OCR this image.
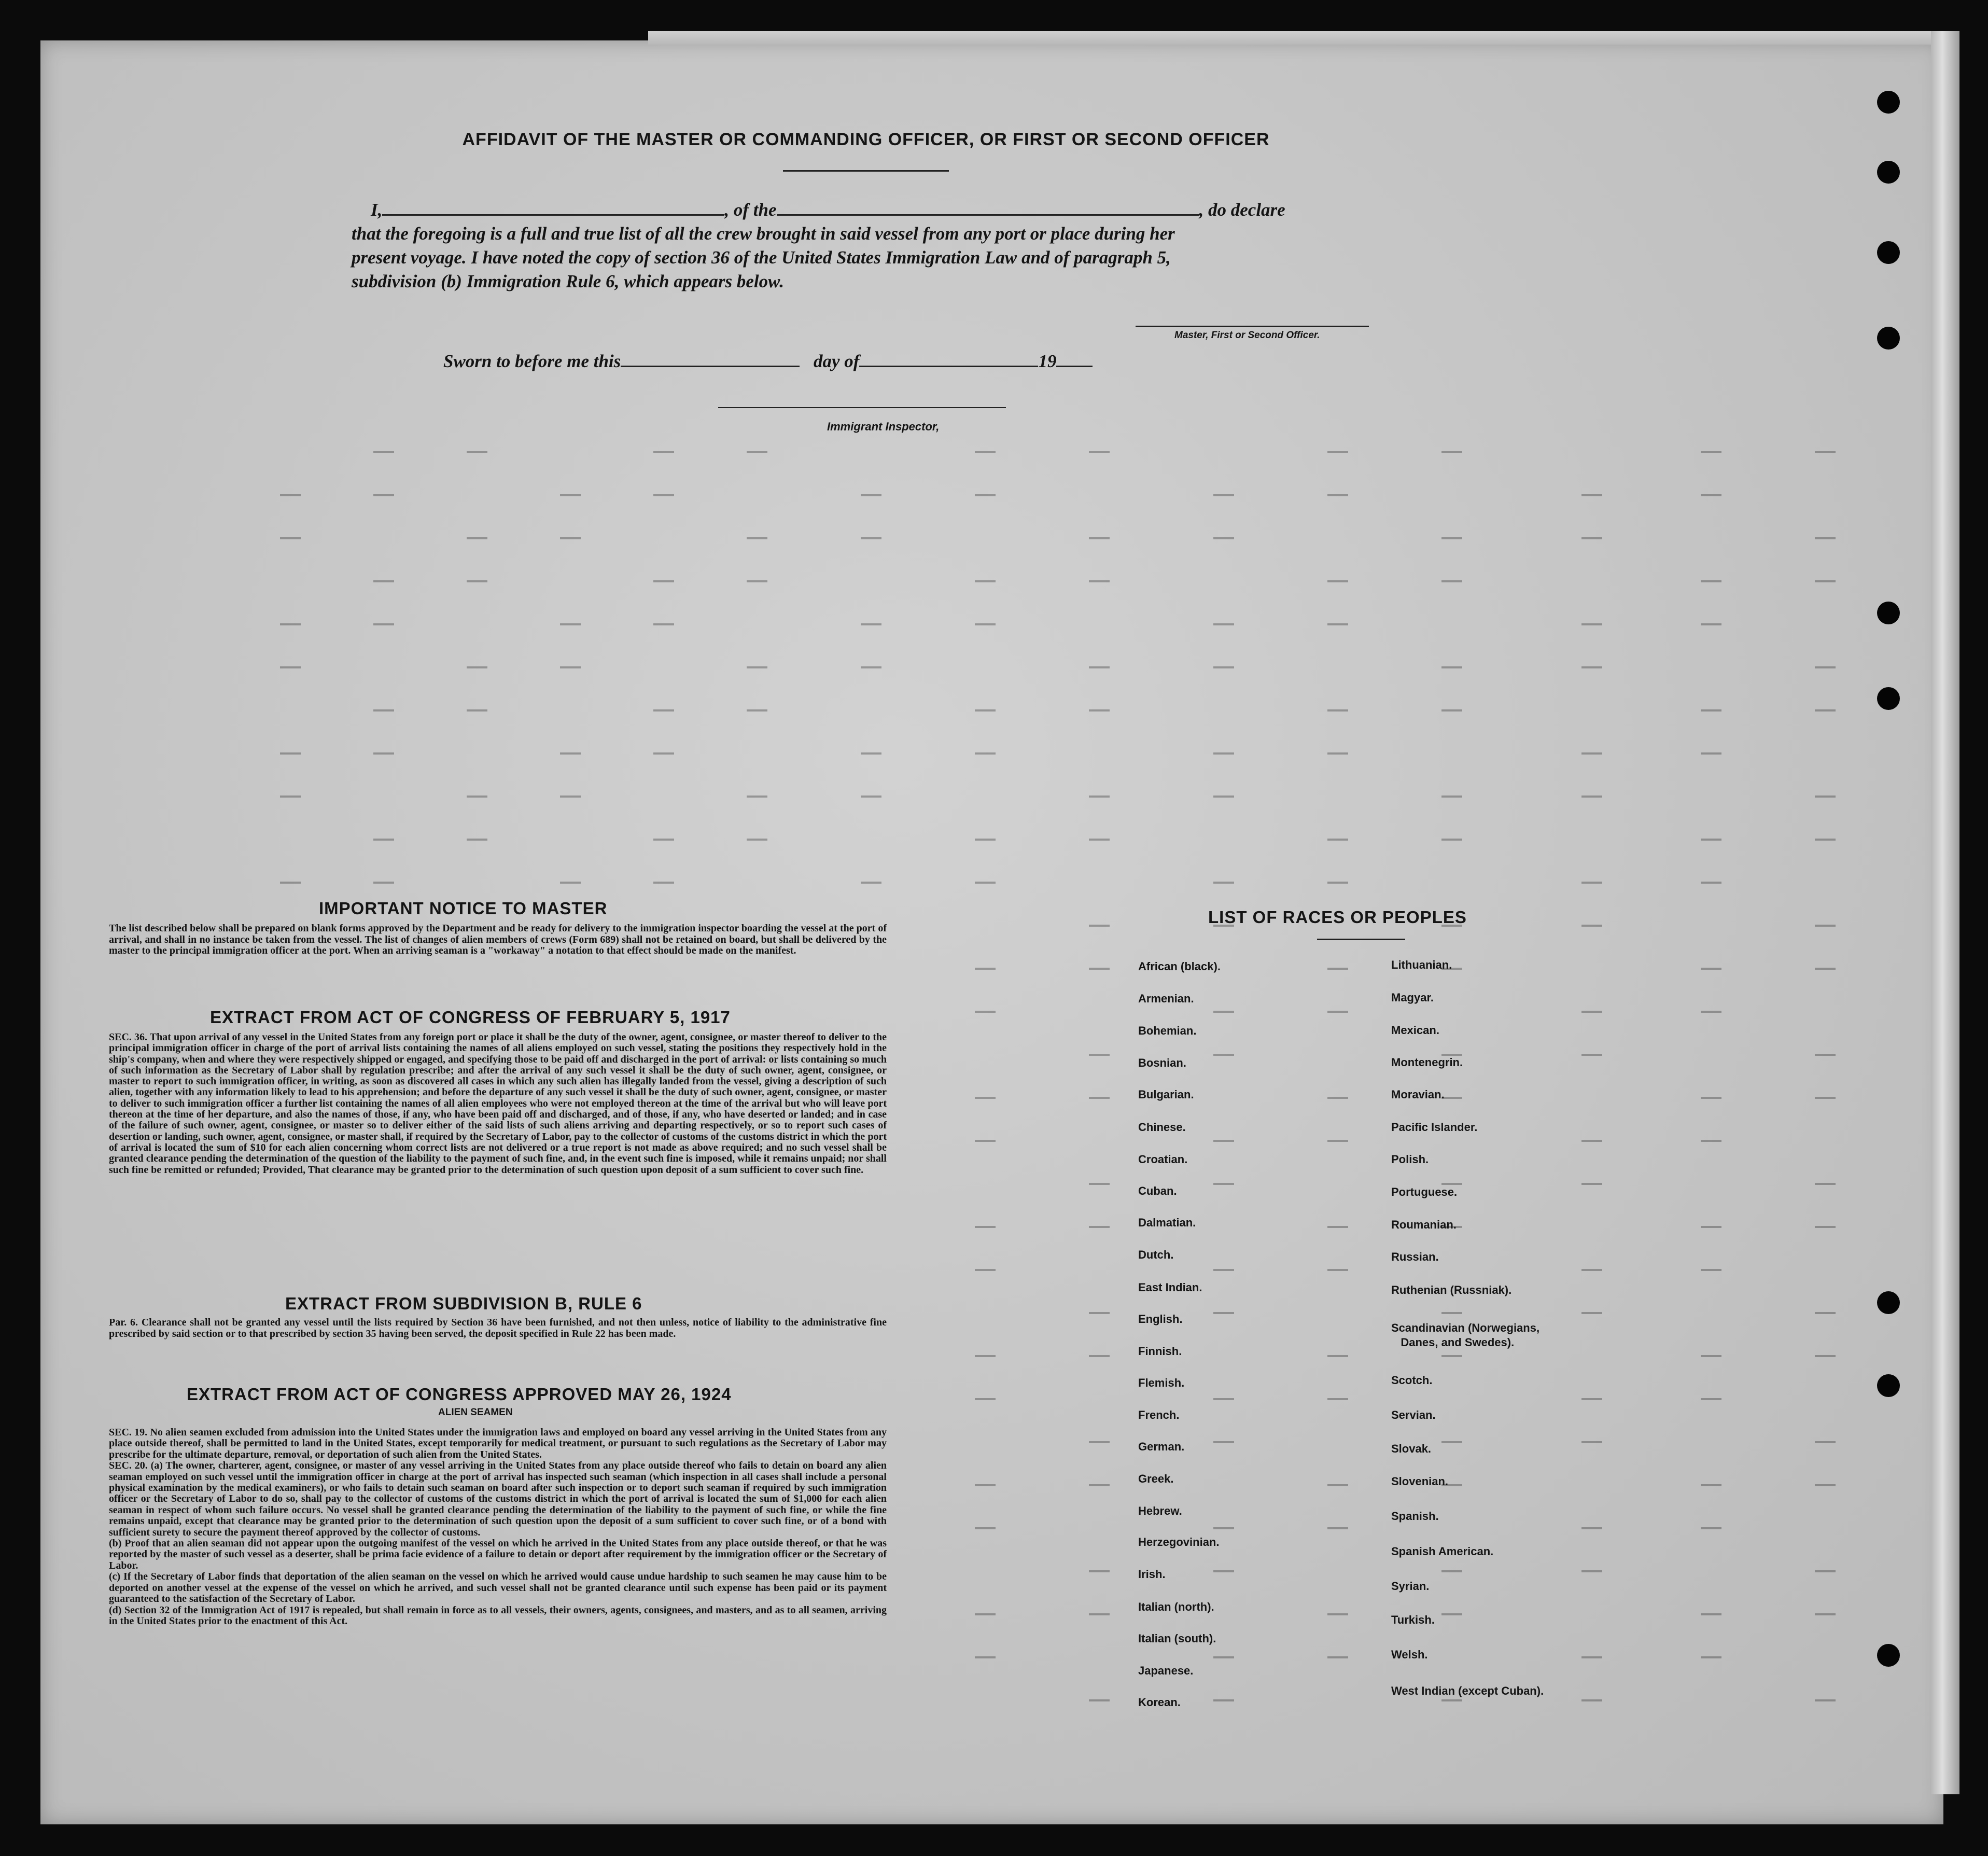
AFFIDAVIT OF THE MASTER OR COMMANDING OFFICER, OR FIRST OR SECOND OFFICER
I,	, of the	, do declare
that the foregoing is a full and true list of all the crew brought in said vessel from any port or place during her
present voyage. I have noted the copy of section 36 of the United States Immigration Law and of paragraph 5,
subdivision (b) Immigration Rule 6, which appears below.
Master, First or Second Officer.
Sworn to before me this	day of	19
Immigrant Inspector,
IMPORTANT NOTICE TO MASTER
The list described below shall be prepared on blank forms approved by the Department and be ready for delivery to the immigration inspector boarding the vessel at the port of arrival, and shall in no instance be taken from the vessel. The list of changes of alien members of crews (Form 689) shall not be retained on board, but shall be delivered by the master to the principal immigration officer at the port. When an arriving seaman is a "workaway" a notation to that effect should be made on the manifest.
EXTRACT FROM ACT OF CONGRESS OF FEBRUARY 5, 1917
SEC. 36. That upon arrival of any vessel in the United States from any foreign port or place it shall be the duty of the owner, agent, consignee, or master thereof to deliver to the principal immigration officer in charge of the port of arrival lists containing the names of all aliens employed on such vessel, stating the positions they respectively hold in the ship's company, when and where they were respectively shipped or engaged, and specifying those to be paid off and discharged in the port of arrival: or lists containing so much of such information as the Secretary of Labor shall by regulation prescribe; and after the arrival of any such vessel it shall be the duty of such owner, agent, consignee, or master to report to such immigration officer, in writing, as soon as discovered all cases in which any such alien has illegally landed from the vessel, giving a description of such alien, together with any information likely to lead to his apprehension; and before the departure of any such vessel it shall be the duty of such owner, agent, consignee, or master to deliver to such immigration officer a further list containing the names of all alien employees who were not employed thereon at the time of the arrival but who will leave port thereon at the time of her departure, and also the names of those, if any, who have been paid off and discharged, and of those, if any, who have deserted or landed; and in case of the failure of such owner, agent, consignee, or master so to deliver either of the said lists of such aliens arriving and departing respectively, or so to report such cases of desertion or landing, such owner, agent, consignee, or master shall, if required by the Secretary of Labor, pay to the collector of customs of the customs district in which the port of arrival is located the sum of $10 for each alien concerning whom correct lists are not delivered or a true report is not made as above required; and no such vessel shall be granted clearance pending the determination of the question of the liability to the payment of such fine, and, in the event such fine is imposed, while it remains unpaid; nor shall such fine be remitted or refunded; Provided, That clearance may be granted prior to the determination of such question upon deposit of a sum sufficient to cover such fine.
EXTRACT FROM SUBDIVISION B, RULE 6
Par. 6. Clearance shall not be granted any vessel until the lists required by Section 36 have been furnished, and not then unless, notice of liability to the administrative fine prescribed by said section or to that prescribed by section 35 having been served, the deposit specified in Rule 22 has been made.
EXTRACT FROM ACT OF CONGRESS APPROVED MAY 26, 1924
ALIEN SEAMEN
SEC. 19. No alien seamen excluded from admission into the United States under the immigration laws and employed on board any vessel arriving in the United States from any place outside thereof, shall be permitted to land in the United States, except temporarily for medical treatment, or pursuant to such regulations as the Secretary of Labor may prescribe for the ultimate departure, removal, or deportation of such alien from the United States.
SEC. 20. (a) The owner, charterer, agent, consignee, or master of any vessel arriving in the United States from any place outside thereof who fails to detain on board any alien seaman employed on such vessel until the immigration officer in charge at the port of arrival has inspected such seaman (which inspection in all cases shall include a personal physical examination by the medical examiners), or who fails to detain such seaman on board after such inspection or to deport such seaman if required by such immigration officer or the Secretary of Labor to do so, shall pay to the collector of customs of the customs district in which the port of arrival is located the sum of $1,000 for each alien seaman in respect of whom such failure occurs. No vessel shall be granted clearance pending the determination of the liability to the payment of such fine, or while the fine remains unpaid, except that clearance may be granted prior to the determination of such question upon the deposit of a sum sufficient to cover such fine, or of a bond with sufficient surety to secure the payment thereof approved by the collector of customs.
(b) Proof that an alien seaman did not appear upon the outgoing manifest of the vessel on which he arrived in the United States from any place outside thereof, or that he was reported by the master of such vessel as a deserter, shall be prima facie evidence of a failure to detain or deport after requirement by the immigration officer or the Secretary of Labor.
(c) If the Secretary of Labor finds that deportation of the alien seaman on the vessel on which he arrived would cause undue hardship to such seamen he may cause him to be deported on another vessel at the expense of the vessel on which he arrived, and such vessel shall not be granted clearance until such expense has been paid or its payment guaranteed to the satisfaction of the Secretary of Labor.
(d) Section 32 of the Immigration Act of 1917 is repealed, but shall remain in force as to all vessels, their owners, agents, consignees, and masters, and as to all seamen, arriving in the United States prior to the enactment of this Act.
LIST OF RACES OR PEOPLES
African (black).
Armenian.
Bohemian.
Bosnian.
Bulgarian.
Chinese.
Croatian.
Cuban.
Dalmatian.
Dutch.
East Indian.
English.
Finnish.
Flemish.
French.
German.
Greek.
Hebrew.
Herzegovinian.
Irish.
Italian (north).
Italian (south).
Japanese.
Korean.
Lithuanian.
Magyar.
Mexican.
Montenegrin.
Moravian.
Pacific Islander.
Polish.
Portuguese.
Roumanian.
Russian.
Ruthenian (Russniak).
Scandinavian (Norwegians,
Danes, and Swedes).
Scotch.
Servian.
Slovak.
Slovenian.
Spanish.
Spanish American.
Syrian.
Turkish.
Welsh.
West Indian (except Cuban).
